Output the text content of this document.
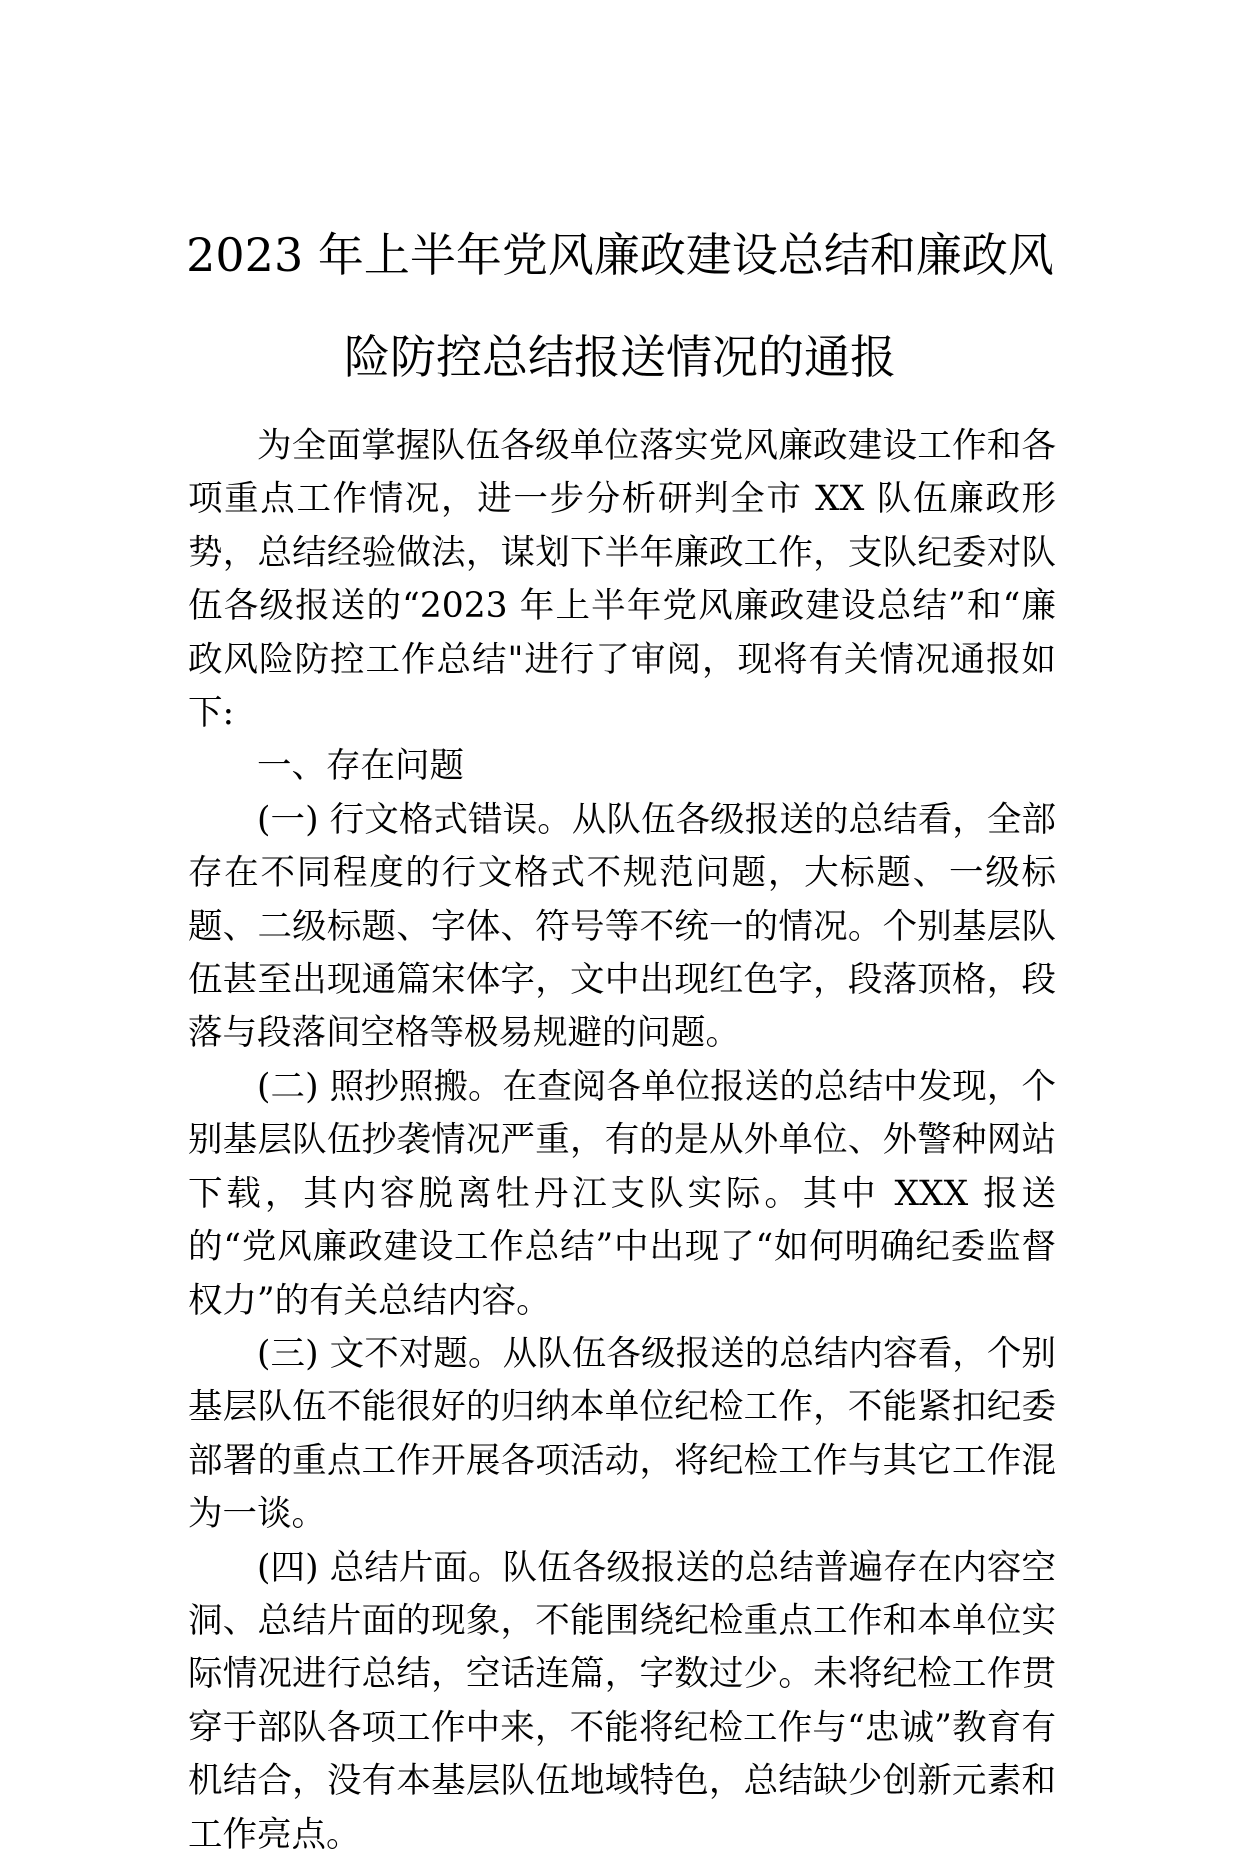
2023 年上半年党风廉政建设总结和廉政风
险防控总结报送情况的通报

为全面掌握队伍各级单位落实党风廉政建设工作和各项重点工作情况，进一步分析研判全市 XX 队伍廉政形势，总结经验做法，谋划下半年廉政工作，支队纪委对队伍各级报送的“2023 年上半年党风廉政建设总结”和“廉政风险防控工作总结"进行了审阅，现将有关情况通报如下:

一、存在问题

(一) 行文格式错误。从队伍各级报送的总结看，全部存在不同程度的行文格式不规范问题，大标题、一级标题、二级标题、字体、符号等不统一的情况。个别基层队伍甚至出现通篇宋体字，文中出现红色字，段落顶格，段落与段落间空格等极易规避的问题。

(二) 照抄照搬。在查阅各单位报送的总结中发现，个别基层队伍抄袭情况严重，有的是从外单位、外警种网站下载，其内容脱离牡丹江支队实际。其中 XXX 报送的“党风廉政建设工作总结”中出现了“如何明确纪委监督权力”的有关总结内容。

(三) 文不对题。从队伍各级报送的总结内容看，个别基层队伍不能很好的归纳本单位纪检工作，不能紧扣纪委部署的重点工作开展各项活动，将纪检工作与其它工作混为一谈。

(四) 总结片面。队伍各级报送的总结普遍存在内容空洞、总结片面的现象，不能围绕纪检重点工作和本单位实际情况进行总结，空话连篇，字数过少。未将纪检工作贯穿于部队各项工作中来，不能将纪检工作与“忠诚”教育有机结合，没有本基层队伍地域特色，总结缺少创新元素和工作亮点。
